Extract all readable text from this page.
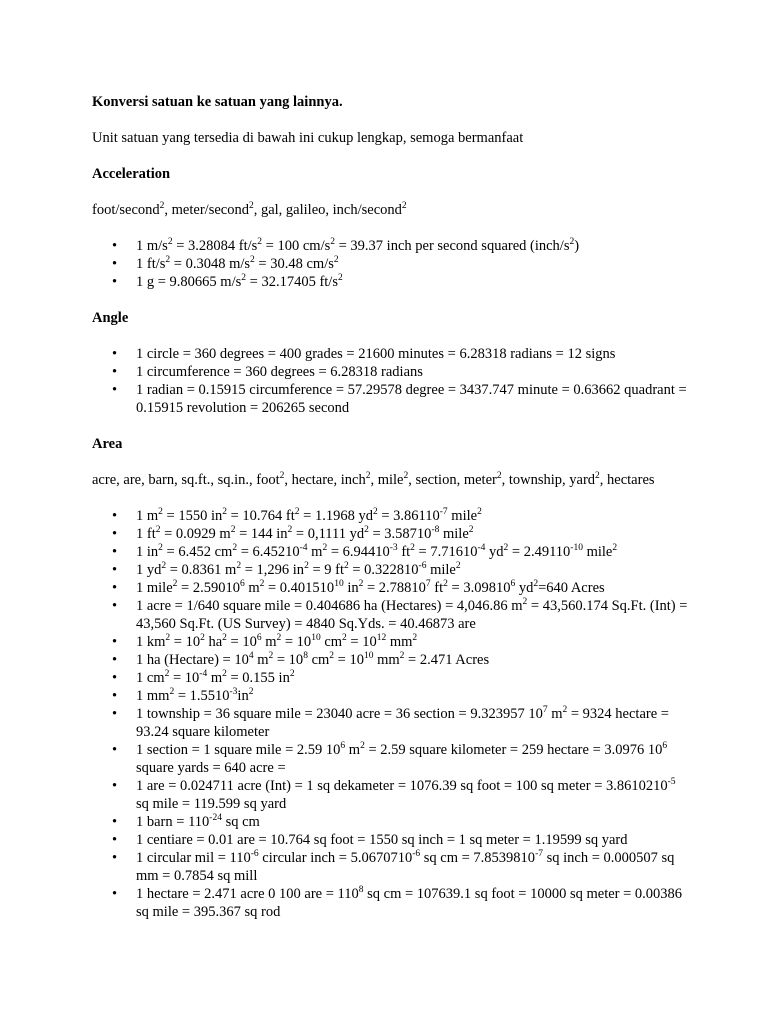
Konversi satuan ke satuan yang lainnya.

Unit satuan yang tersedia di bawah ini cukup lengkap, semoga bermanfaat

Acceleration

foot/second$^2$, meter/second$^2$, gal, galileo, inch/second$^2$

• 1 $m/s^2 = 3.28084$ $ft/s^2 = 100$ $cm/s^2 = 39.37$ inch per second squared $(inch/s^2)$
• 1 $ft/s^2 = 0.3048$ $m/s^2 = 30.48$ $cm/s^2$
• 1 g = 9.80665 $m/s^2 = 32.17405$ $ft/s^2$

Angle

• 1 circle = 360 degrees = 400 grades = 21600 minutes = 6.28318 radians = 12 signs
• 1 circumference = 360 degrees = 6.28318 radians
• 1 radian = 0.15915 circumference = 57.29578 degree = 3437.747 minute = 0.63662 quadrant = 0.15915 revolution = 206265 second

Area

acre, are, barn, sq.ft., sq.in., foot$^2$, hectare, inch$^2$, mile$^2$, section, meter$^2$, township, yard$^2$, hectares

• 1 $m^2 = 1550$ $in^2 = 10.764$ $ft^2 = 1.1968$ $yd^2 = 3.86110^{-7}$ mile$^2$
• 1 $ft^2 = 0.0929$ $m^2 = 144$ $in^2 = 0,1111$ $yd^2 = 3.58710^{-8}$ mile$^2$
• 1 $in^2 = 6.452$ $cm^2 = 6.45210^{-4}$ $m^2 = 6.94410^{-3}$ $ft^2 = 7.71610^{-4}$ $yd^2 = 2.49110^{-10}$ mile$^2$
• 1 $yd^2 = 0.8361$ $m^2 = 1,296$ $in^2 = 9$ $ft^2 = 0.322810^{-6}$ mile$^2$
• 1 mile$^2$ = $2.59010^6$ $m^2 = 0.401510^{10}$ $in^2 = 2.78810^7$ $ft^2 = 3.09810^6$ $yd^2=640$ Acres
• 1 acre = 1/640 square mile = 0.404686 ha (Hectares) = 4,046.86 $m^2 = 43,560.174$ Sq.Ft. (Int) = 43,560 Sq.Ft. (US Survey) = 4840 Sq.Yds. = 40.46873 are
• 1 $km^2 = 10^2$ $ha^2 = 10^6$ $m^2 = 10^{10}$ $cm^2 = 10^{12}$ $mm^2$
• 1 ha (Hectare) = $10^4$ $m^2 = 10^8$ $cm^2 = 10^{10}$ $mm^2 = 2.471$ Acres
• 1 $cm^2 = 10^{-4}$ $m^2 = 0.155$ $in^2$
• 1 $mm^2 = 1.5510^{-3}in^2$
• 1 township = 36 square mile = 23040 acre = 36 section = 9.323957 $10^7$ $m^2 = 9324$ hectare = 93.24 square kilometer
• 1 section = 1 square mile = 2.59 $10^6$ $m^2 = 2.59$ square kilometer = 259 hectare = 3.0976 $10^6$ square yards = 640 acre =
• 1 are = 0.024711 acre (Int) = 1 sq dekameter = 1076.39 sq foot = 100 sq meter = $3.8610210^{-5}$ sq mile = 119.599 sq yard
• 1 barn = $110^{-24}$ sq cm
• 1 centiare = 0.01 are = 10.764 sq foot = 1550 sq inch = 1 sq meter = 1.19599 sq yard
• 1 circular mil = $110^{-6}$ circular inch = $5.0670710^{-6}$ sq cm = $7.8539810^{-7}$ sq inch = 0.000507 sq mm = 0.7854 sq mill
• 1 hectare = 2.471 acre 0 100 are = $110^8$ sq cm = 107639.1 sq foot = 10000 sq meter = 0.00386 sq mile = 395.367 sq rod
